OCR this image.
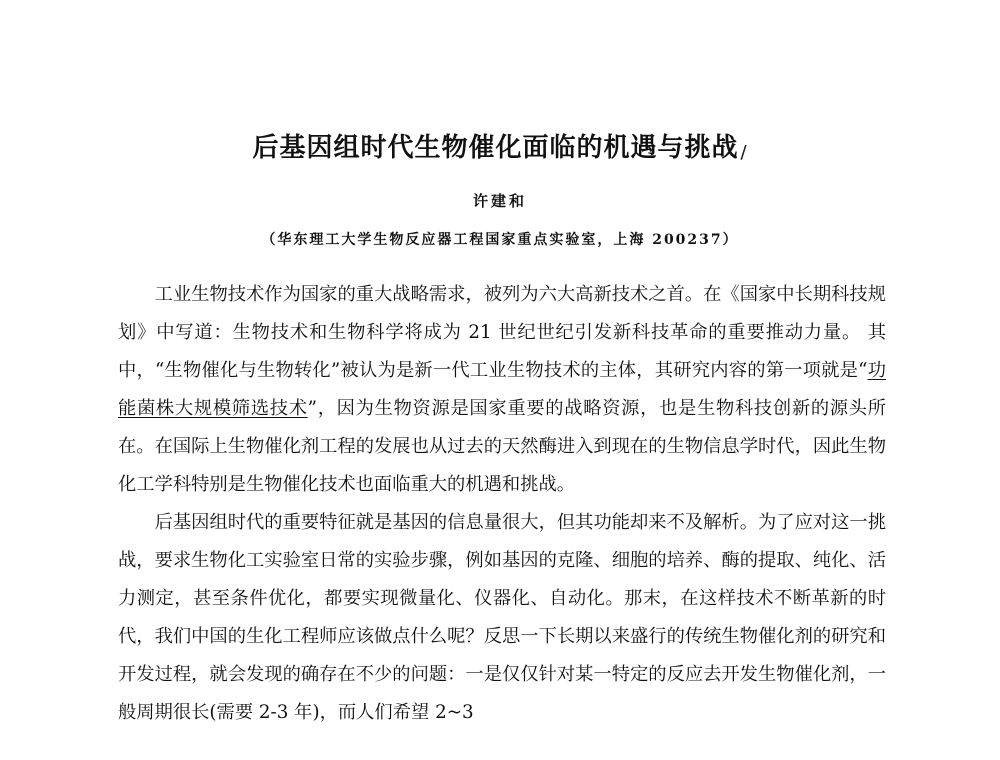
后基因组时代生物催化面临的机遇与挑战 /
许建和
（华东理工大学生物反应器工程国家重点实验室，上海 200237）

工业生物技术作为国家的重大战略需求，被列为六大高新技术之首。在《国家中长期科技规划》中写道：生物技术和生物科学将成为 21 世纪世纪引发新科技革命的重要推动力量。 其中，“生物催化与生物转化”被认为是新一代工业生物技术的主体，其研究内容的第一项就是“功能菌株大规模筛选技术”，因为生物资源是国家重要的战略资源，也是生物科技创新的源头所在。在国际上生物催化剂工程的发展也从过去的天然酶进入到现在的生物信息学时代，因此生物化工学科特别是生物催化技术也面临重大的机遇和挑战。

后基因组时代的重要特征就是基因的信息量很大，但其功能却来不及解析。为了应对这一挑战，要求生物化工实验室日常的实验步骤，例如基因的克隆、细胞的培养、酶的提取、纯化、活力测定，甚至条件优化，都要实现微量化、仪器化、自动化。那末，在这样技术不断革新的时代，我们中国的生化工程师应该做点什么呢？反思一下长期以来盛行的传统生物催化剂的研究和开发过程，就会发现的确存在不少的问题：一是仅仅针对某一特定的反应去开发生物催化剂，一般周期很长(需要 2-3 年)，而人们希望 2~3
